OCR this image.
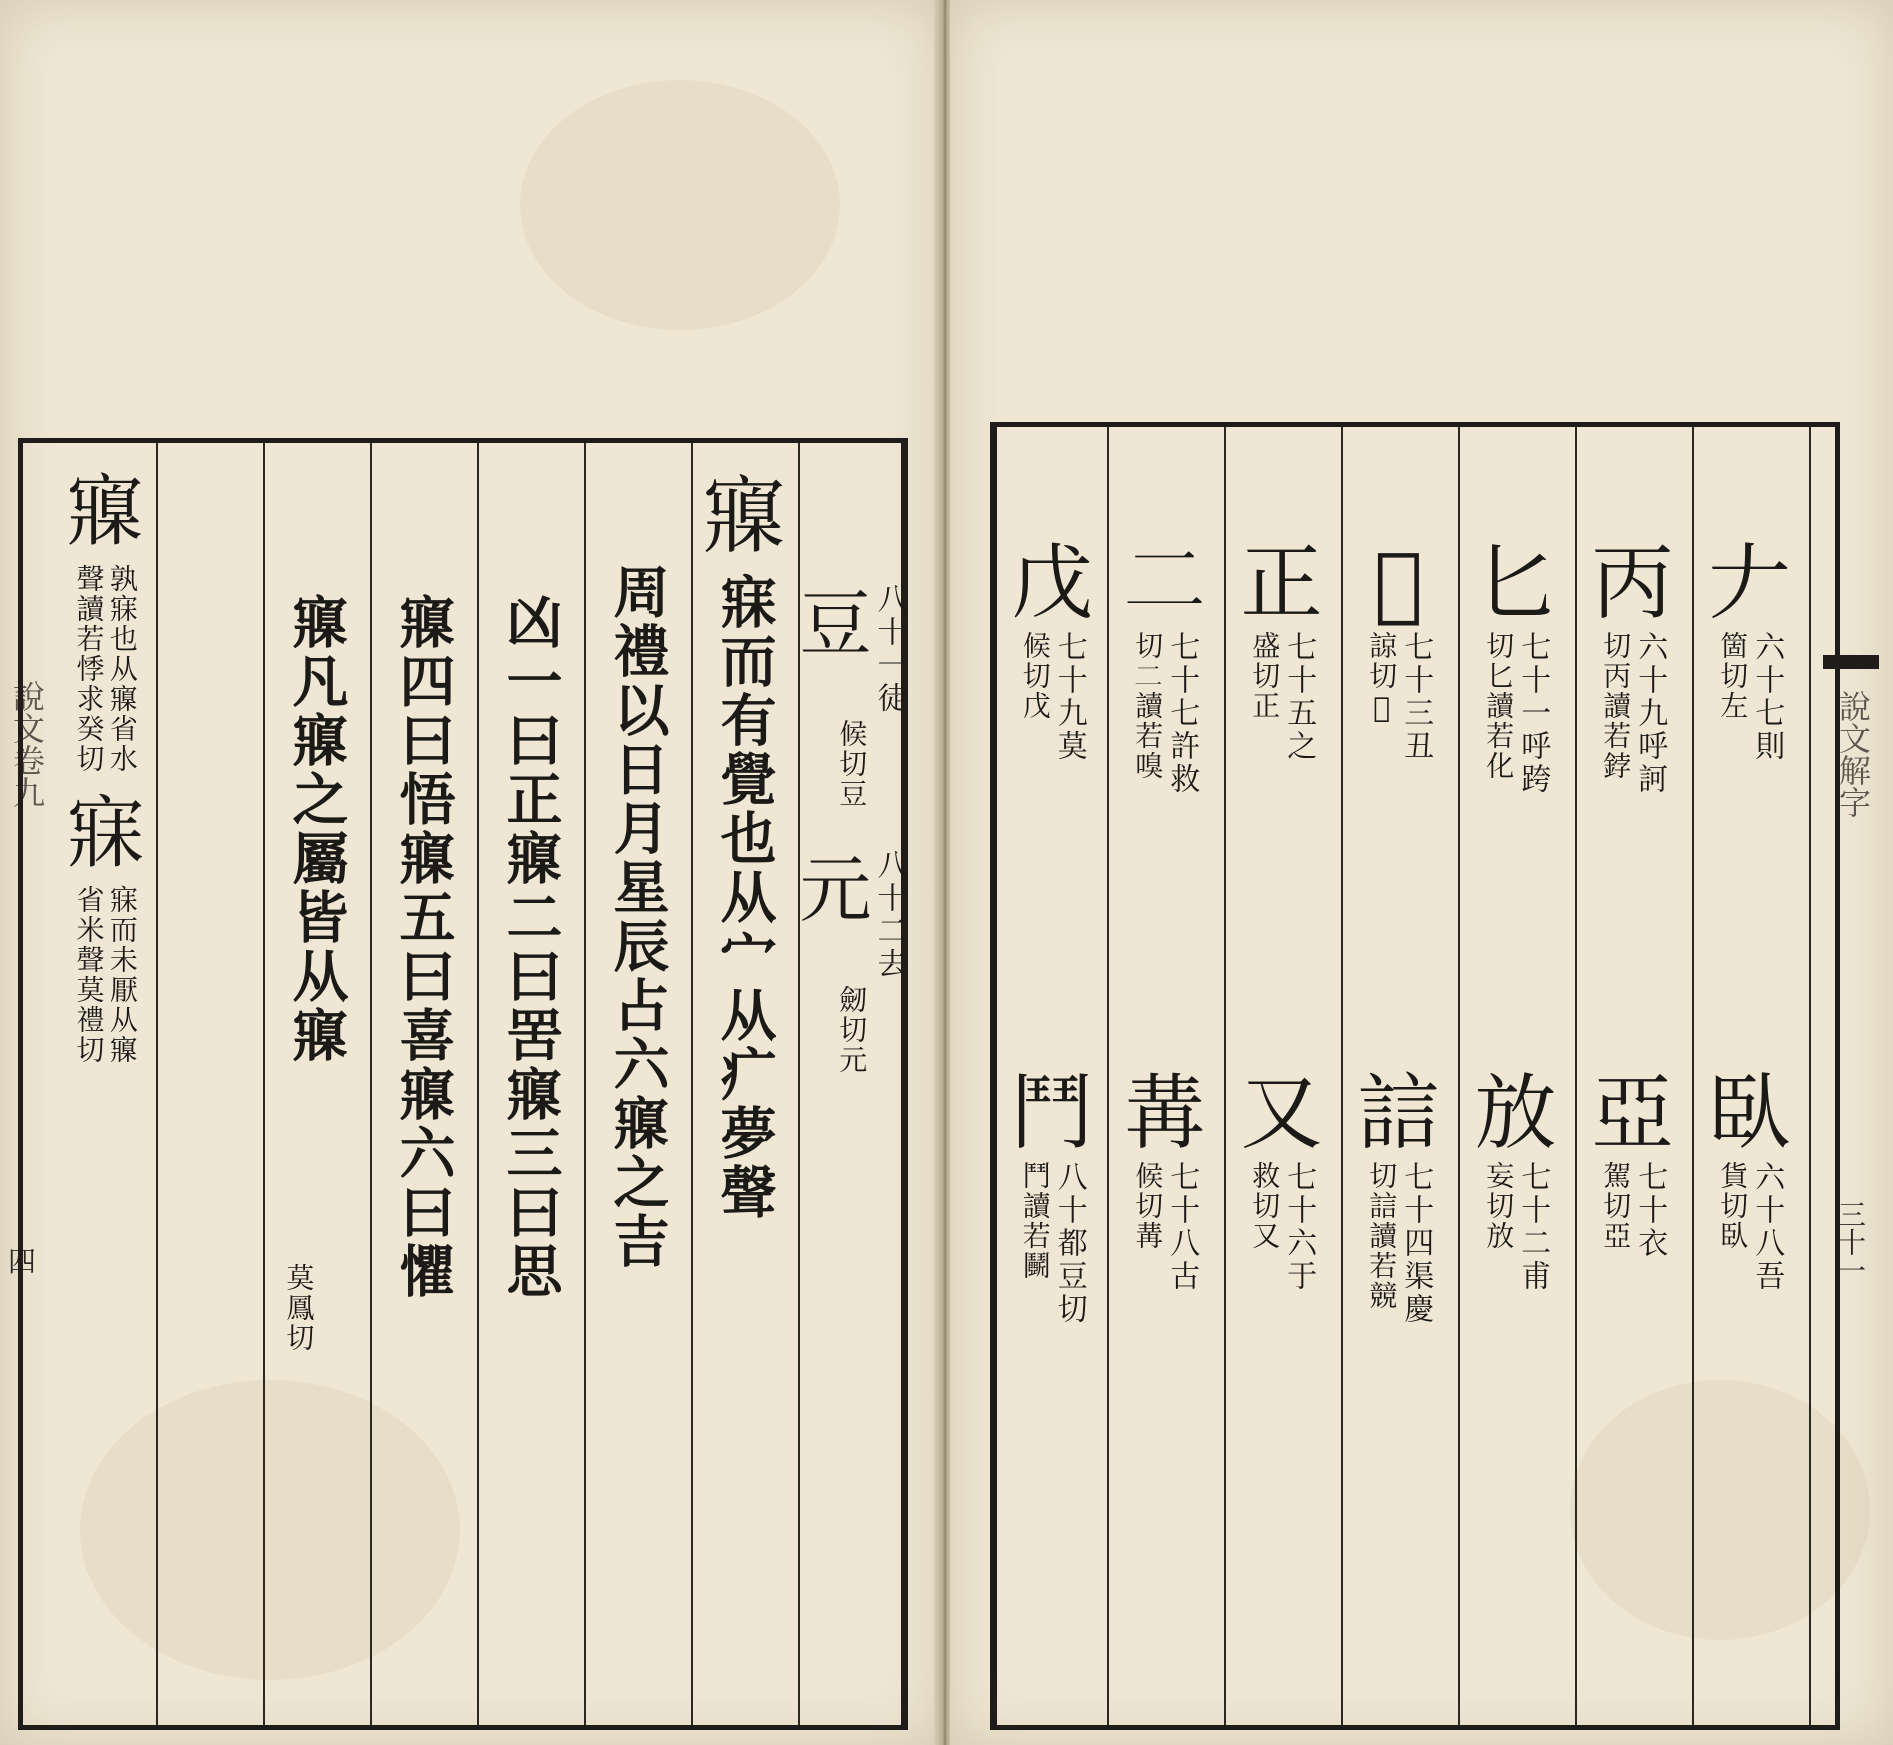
說文卷九
四
八十一徒
豆
候切豆
八十二去
元
劒切元
寱
寐而有覺也从宀从疒夢聲
周禮以日月星辰占六寱之吉
凶一曰正寱二曰罟寱三曰思
寱四曰悟寱五曰喜寱六曰懼
寱凡寱之屬皆从寱
莫鳳切
寱
孰寐也从寱省水
聲讀若悸求癸切
寐
寐而未厭从寱
省米聲莫禮切
說文解字
三十一
𠂇
六十七則
箇切左
丙
六十九呼訶
切丙讀若鋍
匕
七十一呼跨
切匕讀若化
𠢋
七十三丑
諒切𠢋
正
七十五之
盛切正
𠄞
七十七許救
切𠄞讀若嗅
戊
七十九莫
候切戊
臥
六十八吾
貨切臥
亞
七十衣
駕切亞
放
七十二甫
妄切放
誩
七十四渠慶
切誩讀若競
又
七十六于
救切又
冓
七十八古
候切冓
鬥
八十都豆切
鬥讀若鬭
